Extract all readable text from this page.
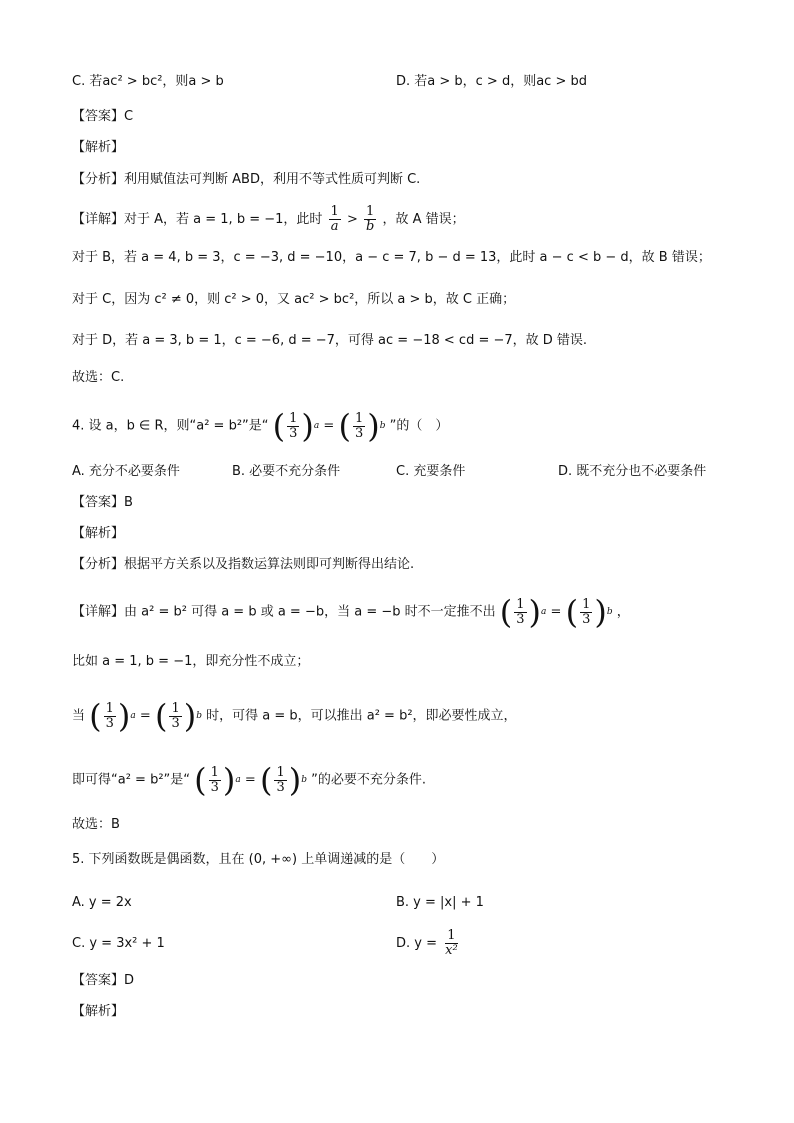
C. 若ac² > bc²，则a > b	D. 若a > b，c > d，则ac > bd
【答案】C
【解析】
【分析】利用赋值法可判断 ABD，利用不等式性质可判断 C.
【详解】对于 A，若 a = 1, b = −1，此时 $\frac{1}{a} > \frac{1}{b}$ ，故 A 错误；
对于 B，若 a = 4, b = 3，c = −3, d = −10，a − c = 7, b − d = 13，此时 a − c < b − d，故 B 错误；
对于 C，因为 c² ≠ 0，则 c² > 0，又 ac² > bc²，所以 a > b，故 C 正确；
对于 D，若 a = 3, b = 1，c = −6, d = −7，可得 ac = −18 < cd = −7，故 D 错误.
故选：C.
4. 设 a，b ∈ R，则“a² = b²”是“ ( $\frac{1}{3}$ ) a = ( $\frac{1}{3}$ ) b ”的（　）
A. 充分不必要条件	B. 必要不充分条件	C. 充要条件	D. 既不充分也不必要条件
【答案】B
【解析】
【分析】根据平方关系以及指数运算法则即可判断得出结论.
【详解】由 a² = b² 可得 a = b 或 a = −b，当 a = −b 时不一定推不出 ( $\frac{1}{3}$ ) a = ( $\frac{1}{3}$ ) b ，
比如 a = 1, b = −1，即充分性不成立；
当 ( $\frac{1}{3}$ ) a = ( $\frac{1}{3}$ ) b 时，可得 a = b，可以推出 a² = b²，即必要性成立，
即可得“a² = b²”是“ ( $\frac{1}{3}$ ) a = ( $\frac{1}{3}$ ) b ”的必要不充分条件.
故选：B
5. 下列函数既是偶函数，且在 (0, +∞) 上单调递减的是（　　）
A. y = 2x	B. y = |x| + 1
C. y = 3x² + 1	D. $y = \frac{1}{\text{x²}}$
【答案】D
【解析】
